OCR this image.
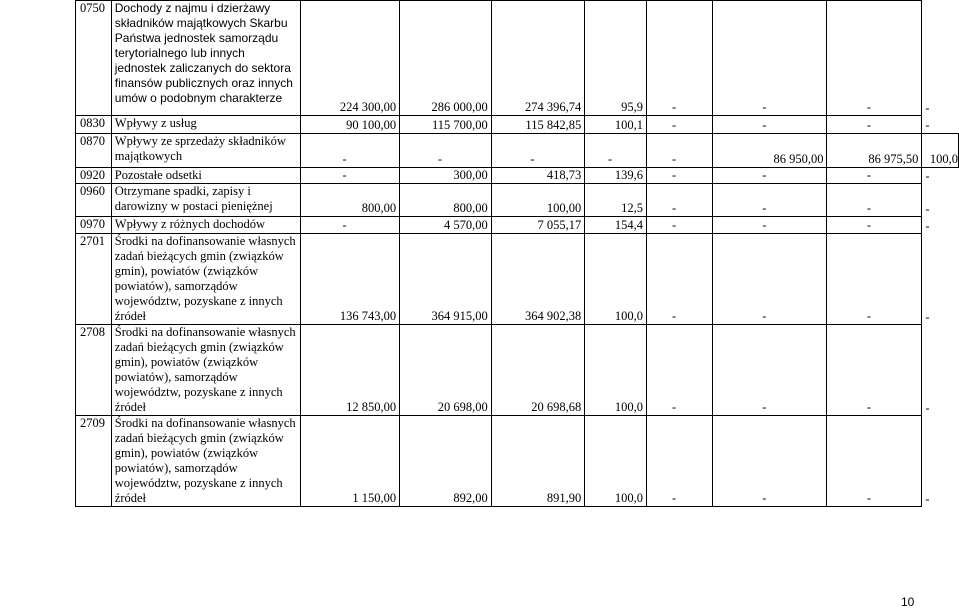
0750	Dochody z najmu i dzierżawy składników majątkowych Skarbu Państwa jednostek samorządu terytorialnego lub innych jednostek zaliczanych do sektora finansów publicznych oraz innych umów o podobnym charakterze	224 300,00	286 000,00	274 396,74	95,9	-	-	-	-
0830	Wpływy z usług	90 100,00	115 700,00	115 842,85	100,1	-	-	-	-
0870	Wpływy ze sprzedaży składników majątkowych	-	-	-	-	-	86 950,00	86 975,50	100,0
0920	Pozostałe odsetki	-	300,00	418,73	139,6	-	-	-	-
0960	Otrzymane spadki, zapisy i darowizny w postaci pieniężnej	800,00	800,00	100,00	12,5	-	-	-	-
0970	Wpływy z różnych dochodów	-	4 570,00	7 055,17	154,4	-	-	-	-
2701	Środki na dofinansowanie własnych zadań bieżących gmin (związków gmin), powiatów (związków powiatów), samorządów województw, pozyskane z innych źródeł	136 743,00	364 915,00	364 902,38	100,0	-	-	-	-
2708	Środki na dofinansowanie własnych zadań bieżących gmin (związków gmin), powiatów (związków powiatów), samorządów województw, pozyskane z innych źródeł	12 850,00	20 698,00	20 698,68	100,0	-	-	-	-
2709	Środki na dofinansowanie własnych zadań bieżących gmin (związków gmin), powiatów (związków powiatów), samorządów województw, pozyskane z innych źródeł	1 150,00	892,00	891,90	100,0	-	-	-	-
10
